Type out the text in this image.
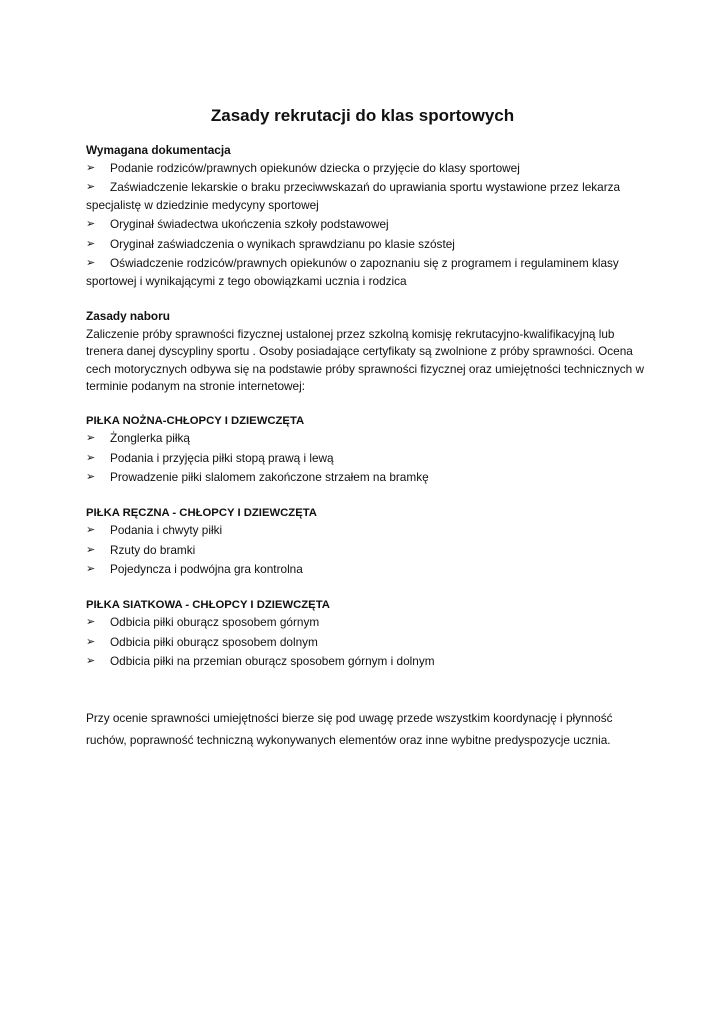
Zasady rekrutacji do klas sportowych

Wymagana dokumentacja

➢	Podanie rodziców/prawnych opiekunów dziecka o przyjęcie do klasy sportowej
➢	Zaświadczenie lekarskie o braku przeciwwskazań do uprawiania sportu wystawione przez lekarza specjalistę w dziedzinie medycyny sportowej
➢	Oryginał świadectwa ukończenia szkoły podstawowej
➢	Oryginał zaświadczenia o wynikach sprawdzianu po klasie szóstej
➢	Oświadczenie rodziców/prawnych opiekunów o zapoznaniu się z programem i regulaminem klasy sportowej i wynikającymi z tego obowiązkami ucznia i rodzica

Zasady naboru

Zaliczenie próby sprawności fizycznej ustalonej przez szkolną komisję rekrutacyjno-kwalifikacyjną lub trenera danej dyscypliny sportu . Osoby posiadające certyfikaty są zwolnione z próby sprawności. Ocena cech motorycznych odbywa się na podstawie próby sprawności fizycznej oraz umiejętności technicznych w terminie podanym na stronie internetowej:

PIŁKA NOŻNA-CHŁOPCY I DZIEWCZĘTA

➢	Żonglerka piłką
➢	Podania i przyjęcia piłki stopą prawą i lewą
➢	Prowadzenie piłki slalomem zakończone strzałem na bramkę

PIŁKA RĘCZNA - CHŁOPCY I DZIEWCZĘTA

➢	Podania i chwyty piłki
➢	Rzuty do bramki
➢	Pojedyncza i podwójna gra kontrolna

PIŁKA SIATKOWA - CHŁOPCY I DZIEWCZĘTA

➢	Odbicia piłki oburącz sposobem górnym
➢	Odbicia piłki oburącz sposobem dolnym
➢	Odbicia piłki na przemian oburącz sposobem górnym i dolnym

Przy ocenie sprawności umiejętności bierze się pod uwagę przede wszystkim koordynację i płynność ruchów, poprawność techniczną wykonywanych elementów oraz inne wybitne predyspozycje ucznia.
